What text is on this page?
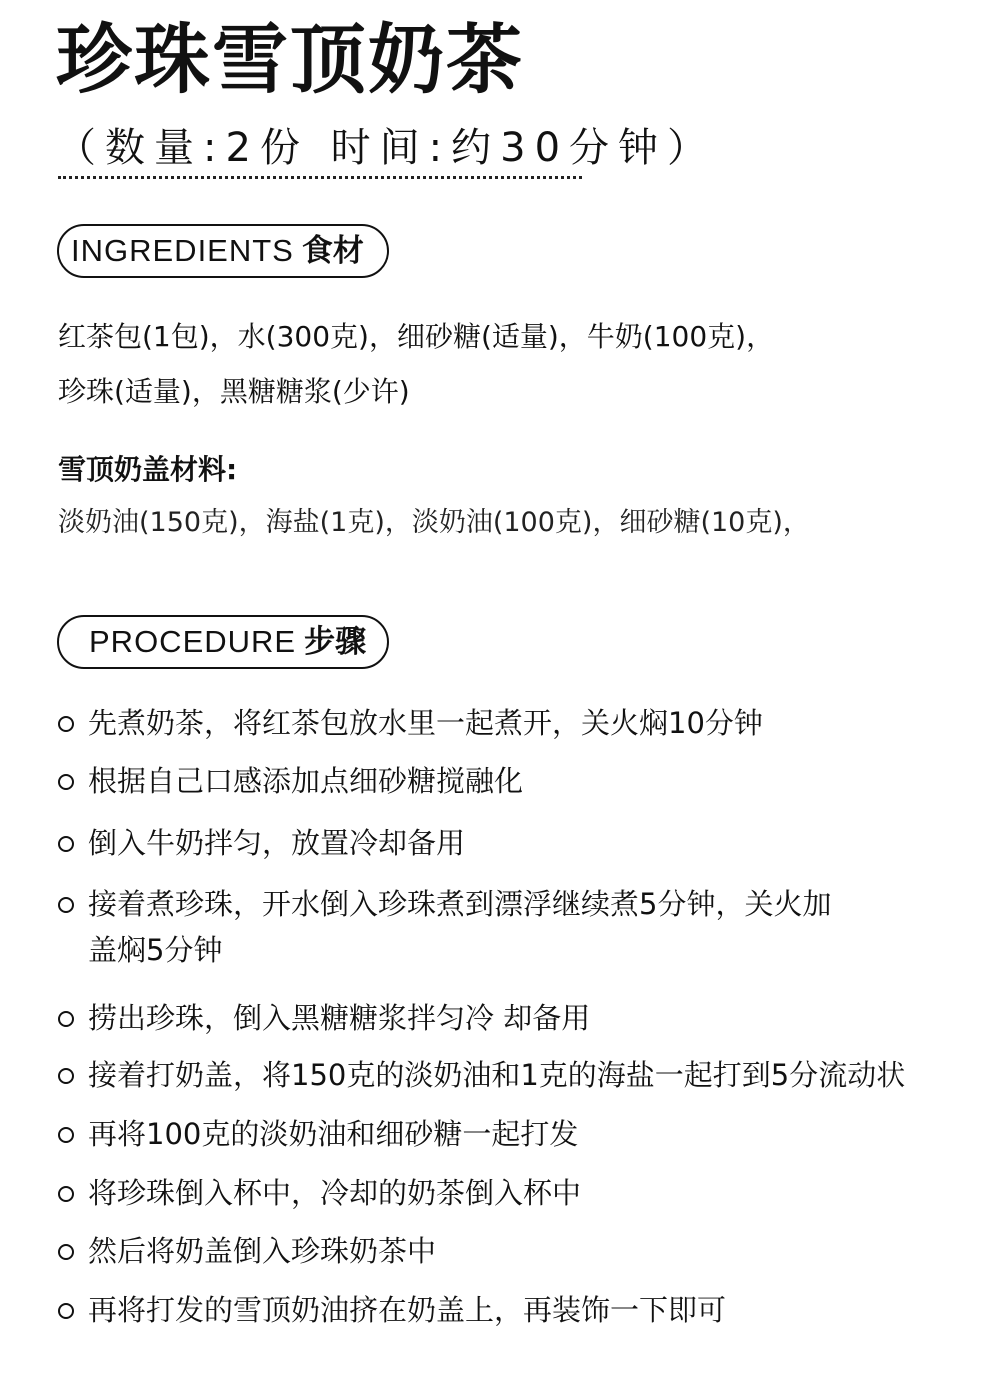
珍珠雪顶奶茶
（数量:2份 时间:约30分钟）
INGREDIENTS 食材
红茶包(1包)，水(300克)，细砂糖(适量)，牛奶(100克)，
珍珠(适量)，黑糖糖浆(少许)
雪顶奶盖材料:
淡奶油(150克)，海盐(1克)，淡奶油(100克)，细砂糖(10克)，
PROCEDURE 步骤
先煮奶茶，将红茶包放水里一起煮开，关火焖10分钟
根据自己口感添加点细砂糖搅融化
倒入牛奶拌匀，放置冷却备用
接着煮珍珠，开水倒入珍珠煮到漂浮继续煮5分钟，关火加
盖焖5分钟
捞出珍珠，倒入黑糖糖浆拌匀冷 却备用
接着打奶盖，将150克的淡奶油和1克的海盐一起打到5分流动状
再将100克的淡奶油和细砂糖一起打发
将珍珠倒入杯中，冷却的奶茶倒入杯中
然后将奶盖倒入珍珠奶茶中
再将打发的雪顶奶油挤在奶盖上，再装饰一下即可
